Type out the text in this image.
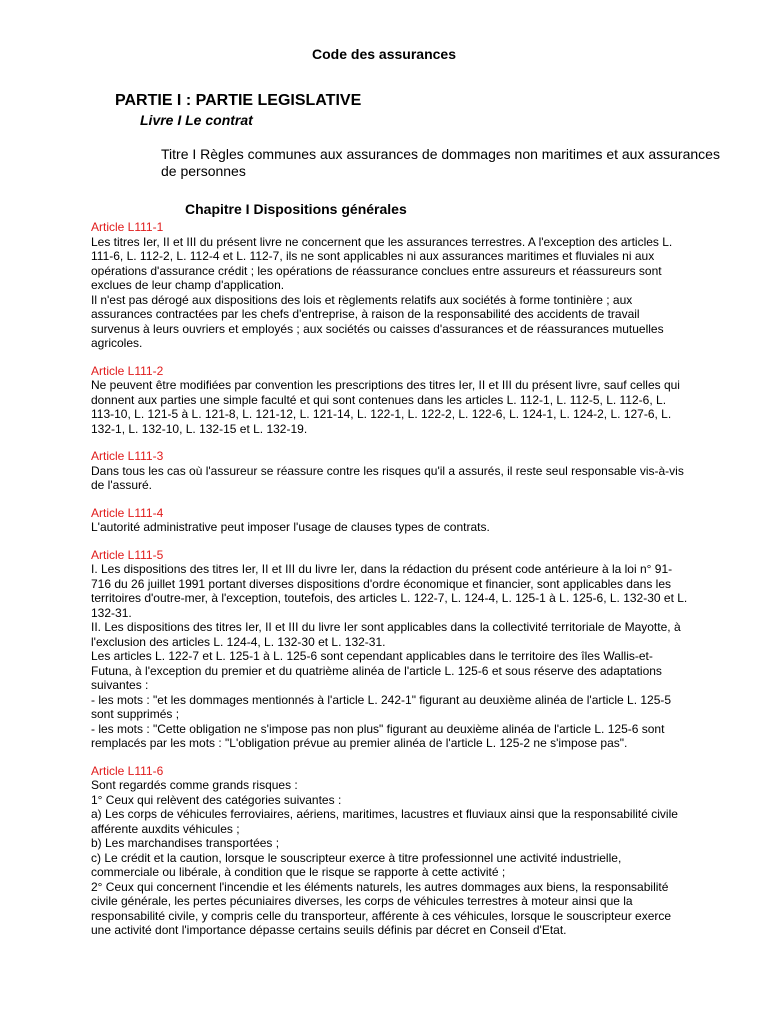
Code des assurances
PARTIE I : PARTIE LEGISLATIVE
Livre I Le contrat
Titre I Règles communes aux assurances de dommages non maritimes et aux assurances de personnes
Chapitre I Dispositions générales
Article L111-1

Les titres Ier, II et III du présent livre ne concernent que les assurances terrestres. A l'exception des articles L. 111-6, L. 112-2, L. 112-4 et L. 112-7, ils ne sont applicables ni aux assurances maritimes et fluviales ni aux opérations d'assurance crédit ; les opérations de réassurance conclues entre assureurs et réassureurs sont exclues de leur champ d'application.

Il n'est pas dérogé aux dispositions des lois et règlements relatifs aux sociétés à forme tontinière ; aux assurances contractées par les chefs d'entreprise, à raison de la responsabilité des accidents de travail survenus à leurs ouvriers et employés ; aux sociétés ou caisses d'assurances et de réassurances mutuelles agricoles.

Article L111-2

Ne peuvent être modifiées par convention les prescriptions des titres Ier, II et III du présent livre, sauf celles qui donnent aux parties une simple faculté et qui sont contenues dans les articles L. 112-1, L. 112-5, L. 112-6, L. 113-10, L. 121-5 à L. 121-8, L. 121-12, L. 121-14, L. 122-1, L. 122-2, L. 122-6, L. 124-1, L. 124-2, L. 127-6, L. 132-1, L. 132-10, L. 132-15 et L. 132-19.

Article L111-3

Dans tous les cas où l'assureur se réassure contre les risques qu'il a assurés, il reste seul responsable vis-à-vis de l'assuré.

Article L111-4

L'autorité administrative peut imposer l'usage de clauses types de contrats.

Article L111-5

I. Les dispositions des titres Ier, II et III du livre Ier, dans la rédaction du présent code antérieure à la loi n° 91-716 du 26 juillet 1991 portant diverses dispositions d'ordre économique et financier, sont applicables dans les territoires d'outre-mer, à l'exception, toutefois, des articles L. 122-7, L. 124-4, L. 125-1 à L. 125-6, L. 132-30 et L. 132-31.

II. Les dispositions des titres Ier, II et III du livre Ier sont applicables dans la collectivité territoriale de Mayotte, à l'exclusion des articles L. 124-4, L. 132-30 et L. 132-31.

Les articles L. 122-7 et L. 125-1 à L. 125-6 sont cependant applicables dans le territoire des îles Wallis-et-Futuna, à l'exception du premier et du quatrième alinéa de l'article L. 125-6 et sous réserve des adaptations suivantes :

- les mots : "et les dommages mentionnés à l'article L. 242-1" figurant au deuxième alinéa de l'article L. 125-5 sont supprimés ;

- les mots : "Cette obligation ne s'impose pas non plus" figurant au deuxième alinéa de l'article L. 125-6 sont remplacés par les mots : "L'obligation prévue au premier alinéa de l'article L. 125-2 ne s'impose pas".

Article L111-6

Sont regardés comme grands risques :

1° Ceux qui relèvent des catégories suivantes :

a) Les corps de véhicules ferroviaires, aériens, maritimes, lacustres et fluviaux ainsi que la responsabilité civile afférente auxdits véhicules ;

b) Les marchandises transportées ;

c) Le crédit et la caution, lorsque le souscripteur exerce à titre professionnel une activité industrielle, commerciale ou libérale, à condition que le risque se rapporte à cette activité ;

2° Ceux qui concernent l'incendie et les éléments naturels, les autres dommages aux biens, la responsabilité civile générale, les pertes pécuniaires diverses, les corps de véhicules terrestres à moteur ainsi que la responsabilité civile, y compris celle du transporteur, afférente à ces véhicules, lorsque le souscripteur exerce une activité dont l'importance dépasse certains seuils définis par décret en Conseil d'Etat.
